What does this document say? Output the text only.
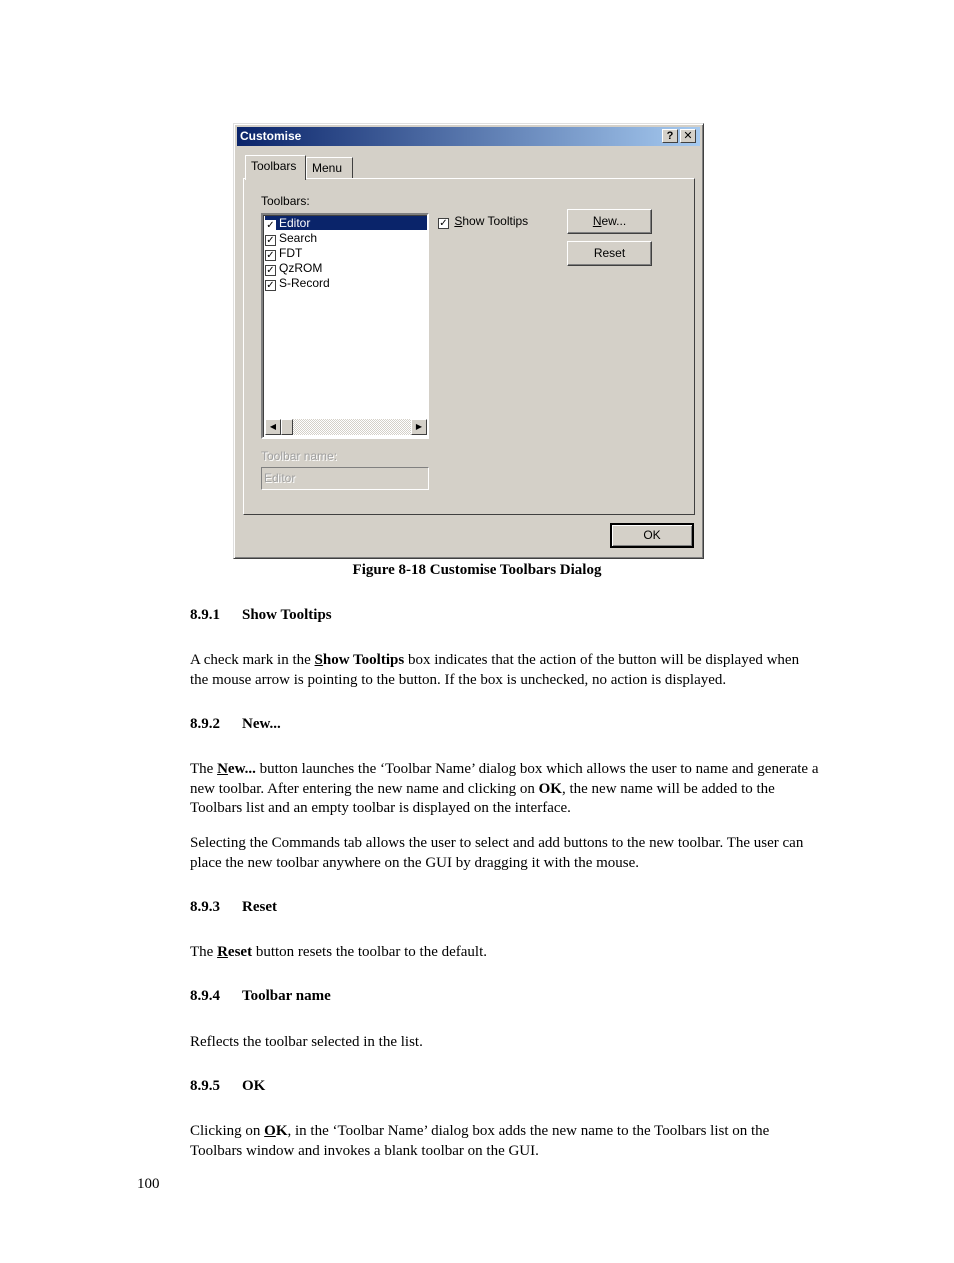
Customise	? ✕
Toolbars	Menu
Toolbars:
✓ Editor
✓ Search
✓ FDT
✓ QzROM
✓ S-Record
◀	▶
✓ Show Tooltips	New...
Reset
Toolbar name:
Editor
OK
Figure 8-18 Customise Toolbars Dialog
8.9.1 Show Tooltips
A check mark in the Show Tooltips box indicates that the action of the button will be displayed when the mouse arrow is pointing to the button. If the box is unchecked, no action is displayed.
8.9.2 New...
The New... button launches the ‘Toolbar Name’ dialog box which allows the user to name and generate a new toolbar. After entering the new name and clicking on OK, the new name will be added to the Toolbars list and an empty toolbar is displayed on the interface.
Selecting the Commands tab allows the user to select and add buttons to the new toolbar. The user can place the new toolbar anywhere on the GUI by dragging it with the mouse.
8.9.3 Reset
The Reset button resets the toolbar to the default.
8.9.4 Toolbar name
Reflects the toolbar selected in the list.
8.9.5 OK
Clicking on OK, in the ‘Toolbar Name’ dialog box adds the new name to the Toolbars list on the Toolbars window and invokes a blank toolbar on the GUI.
100
